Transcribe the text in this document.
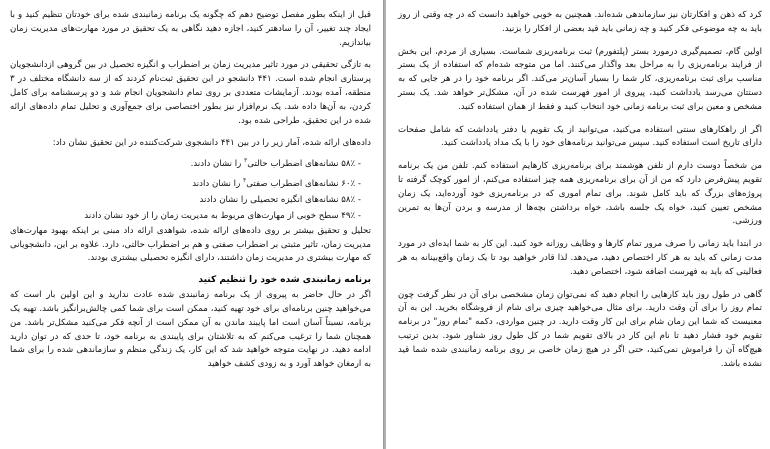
قبل از اینکه بطور مفصل توضیح دهم که چگونه یک برنامه زمانبندی شده برای خودتان تنظیم کنید و با ایجاد چند تغییر، آن را سادهتر کنید، اجازه دهید نگاهی به یک تحقیق در مورد مهارت‌های مدیریت زمان بیاندازیم.

به تازگی تحقیقی در مورد تاثیر مدیریت زمان بر اضطراب و انگیزه تحصیل در بین گروهی ازدانشجویان پرستاری انجام شده است. ۴۴۱ دانشجو در این تحقیق ثبت‌نام کردند که از سه دانشگاه مختلف در ۳ منطقه، آمده بودند. آزمایشات متعددی بر روی تمام دانشجویان انجام شد و دو پرسشنامه برای کامل کردن، به آن‌ها داده شد. یک نرم‌افزار نیز بطور اختصاصی برای جمع‌آوری و تحلیل تمام داده‌های ارائه شده در این تحقیق، طراحی شده بود.

داده‌های ارائه شده، آمار زیر را در بین ۴۴۱ دانشجوی شرکت‌کننده در این تحقیق نشان داد:

- ۵۸٪ نشانه‌های اضطراب حالتی$^۳$ را نشان دادند.
- ۶۰٪ نشانه‌های اضطراب صفتی$^۴$ را نشان دادند
- ۵۸٪ نشانه‌های انگیزه تحصیلی را نشان دادند
- ۴۹٪ سطح خوبی از مهارت‌های مربوط به مدیریت زمان را از خود نشان دادند

تحلیل و تحقیق بیشتر بر روی داده‌های ارائه شده، شواهدی ارائه داد مبنی بر اینکه بهبود مهارت‌های مدیریت زمان، تاثیر مثبتی بر اضطراب صفتی و هم بر اضطراب حالتی، دارد. علاوه بر این، دانشجویانی که مهارت بیشتری در مدیریت زمان داشتند، دارای انگیزه تحصیلی بیشتری بودند.

برنامه زمانبندی شده خود را تنظیم کنید

اگر در حال حاضر به پیروی از یک برنامه زمانبندی شده عادت ندارید و این اولین بار است که می‌خواهید چنین برنامه‌ای برای خود تهیه کنید، ممکن است برای شما کمی چالش‌برانگیز باشد. تهیه یک برنامه، نسبتاً آسان است اما پایبند ماندن به آن ممکن است از آنچه فکر می‌کنید مشکل‌تر باشد. من همچنان شما را ترغیب می‌کنم که به تلاشتان برای پایبندی به برنامه خود، تا حدی که در توان دارید ادامه دهید. در نهایت متوجه خواهید شد که این کار، یک زندگی منظم و سازماندهی شده را برای شما به ارمغان خواهد آورد و به زودی کشف خواهید

کرد که ذهن و افکارتان نیز سازماندهی شده‌اند. همچنین به خوبی خواهید دانست که در چه وقتی از روز باید به چه موضوعی فکر کنید و چه زمانی باید قید بعضی از افکار را بزنید.

اولین گام، تصمیم‌گیری درمورد بستر (پلتفورم) ثبت برنامه‌ریزی شماست. بسیاری از مردم، این بخش از فرایند برنامه‌ریزی را به مراحل بعد واگذار می‌کنند. اما من متوجه شده‌ام که استفاده از یک بستر مناسب برای ثبت برنامه‌ریزی، کار شما را بسیار آسان‌تر می‌کند. اگر برنامه خود را در هر جایی که به دستتان می‌رسد یادداشت کنید، پیروی از امور فهرست شده در آن، مشکل‌تر خواهد شد. یک بستر مشخص و معین برای ثبت برنامه زمانی خود انتخاب کنید و فقط از همان استفاده کنید.

اگر از راهکارهای سنتی استفاده می‌کنید، می‌توانید از یک تقویم یا دفتر یادداشت که شامل صفحات دارای تاریخ است استفاده کنید. سپس می‌توانید برنامه‌های خود را با یک مداد یادداشت کنید.

من شخصاً دوست دارم از تلفن هوشمند برای برنامه‌ریزی کارهایم استفاده کنم. تلفن من یک برنامه تقویم پیش‌فرض دارد که من از آن برای برنامه‌ریزی همه چیز استفاده می‌کنم، از امور کوچک گرفته تا پروژه‌های بزرگ که باید کامل شوند. برای تمام اموری که در برنامه‌ریزی خود آورده‌اید، یک زمان مشخص تعیین کنید، خواه یک جلسه باشد، خواه برداشتن بچه‌ها از مدرسه و بردن آن‌ها به تمرین ورزشی.

در ابتدا باید زمانی را صرف مرور تمام کارها و وظایف روزانه خود کنید. این کار به شما ایده‌ای در مورد مدت زمانی که باید به هر کار اختصاص دهید، می‌دهد. لذا قادر خواهید بود تا یک زمان واقع‌بینانه به هر فعالیتی که باید به فهرست اضافه شود، اختصاص دهید.

گاهی در طول روز باید کارهایی را انجام دهید که نمی‌توان زمان مشخصی برای آن در نظر گرفت چون تمام روز را برای آن وقت دارید. برای مثال می‌خواهید چیزی برای شام از فروشگاه بخرید. این به آن معنیست که شما این زمان شام برای این کار وقت دارید. در چنین مواردی، دکمه "تمام روز" در برنامه تقویم خود فشار دهید تا نام این کار در بالای تقویم شما در کل طول روز شناور شود. بدین ترتیب هیچ‌گاه آن را فراموش نمی‌کنید، حتی اگر در هیچ زمان خاصی بر روی برنامه زمانبندی شده شما قید نشده باشد.
